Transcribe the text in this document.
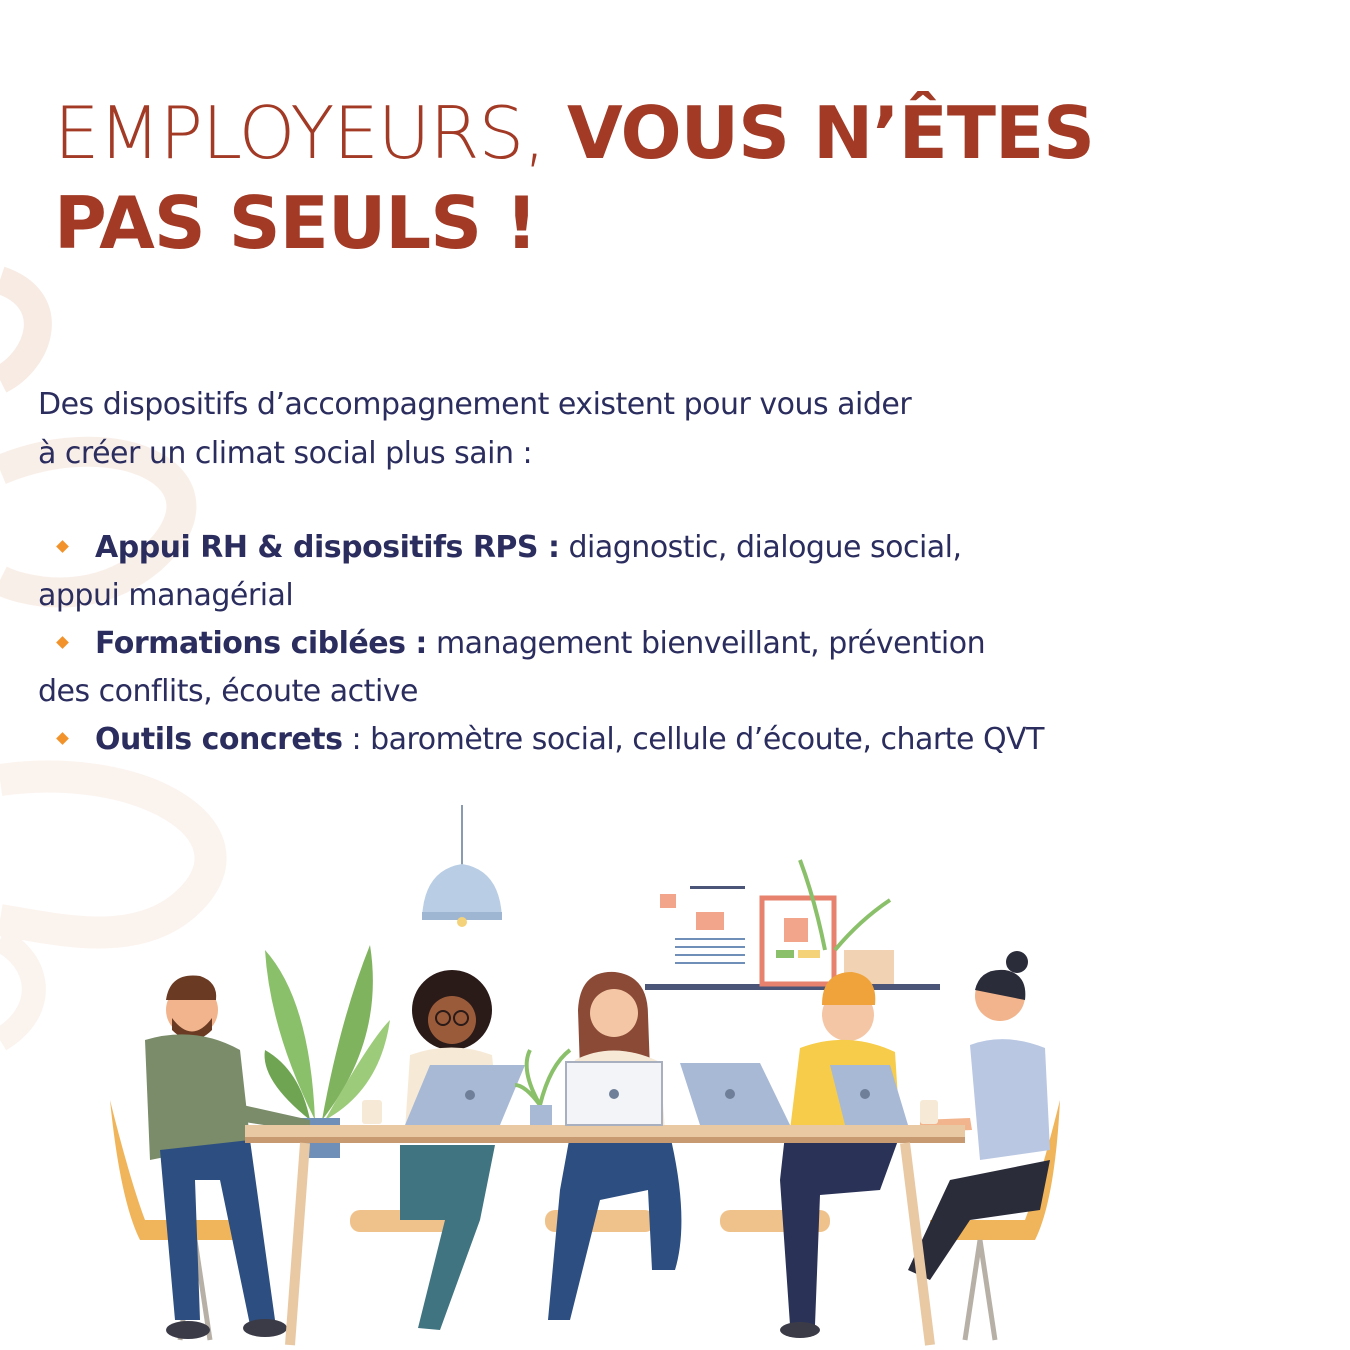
EMPLOYEURS, VOUS N’ÊTES
PAS SEULS !

Des dispositifs d’accompagnement existent pour vous aider
à créer un climat social plus sain :

Appui RH & dispositifs RPS : diagnostic, dialogue social,
appui managérial
Formations ciblées : management bienveillant, prévention
des conflits, écoute active
Outils concrets : baromètre social, cellule d’écoute, charte QVT
